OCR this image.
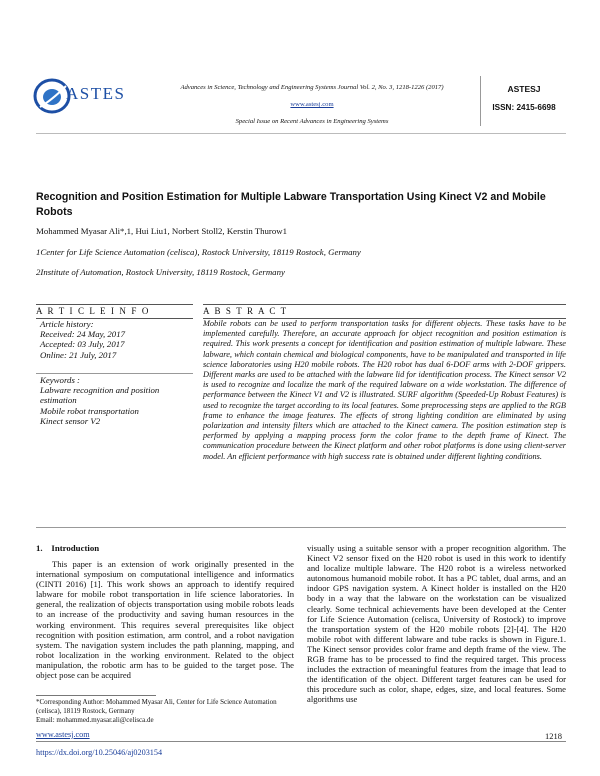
ASTES	Advances in Science, Technology and Engineering Systems Journal Vol. 2, No. 3, 1218-1226 (2017)
www.astesj.com
Special Issue on Recent Advances in Engineering Systems
ASTESJ
ISSN: 2415-6698
Recognition and Position Estimation for Multiple Labware Transportation Using Kinect V2 and Mobile Robots
Mohammed Myasar Ali*,1, Hui Liu1, Norbert Stoll2, Kerstin Thurow1
1Center for Life Science Automation (celisca), Rostock University, 18119 Rostock, Germany
2Institute of Automation, Rostock University, 18119 Rostock, Germany
A R T I C L E I N F O
Article history:
Received: 24 May, 2017
Accepted: 03 July, 2017
Online: 21 July, 2017
Keywords :
Labware recognition and position estimation
Mobile robot transportation
Kinect sensor V2
A B S T R A C T
Mobile robots can be used to perform transportation tasks for different objects. These tasks have to be implemented carefully. Therefore, an accurate approach for object recognition and position estimation is required. This work presents a concept for identification and position estimation of multiple labware. These labware, which contain chemical and biological components, have to be manipulated and transported in life science laboratories using H20 mobile robots. The H20 robot has dual 6-DOF arms with 2-DOF grippers. Different marks are used to be attached with the labware lid for identification process. The Kinect sensor V2 is used to recognize and localize the mark of the required labware on a wide workstation. The difference of performance between the Kinect V1 and V2 is illustrated. SURF algorithm (Speeded-Up Robust Features) is used to recognize the target according to its local features. Some preprocessing steps are applied to the RGB frame to enhance the image features. The effects of strong lighting condition are eliminated by using polarization and intensity filters which are attached to the Kinect camera. The position estimation step is performed by applying a mapping process form the color frame to the depth frame of Kinect. The communication procedure between the Kinect platform and other robot platforms is done using client-server model. An efficient performance with high success rate is obtained under different lighting conditions.
1.    Introduction
This paper is an extension of work originally presented in the international symposium on computational intelligence and informatics (CINTI 2016) [1]. This work shows an approach to identify required labware for mobile robot transportation in life science laboratories. In general, the realization of objects transportation using mobile robots leads to an increase of the productivity and saving human resources in the working environment. This requires several prerequisites like object recognition with position estimation, arm control, and a robot navigation system. The navigation system includes the path planning, mapping, and robot localization in the working environment. Related to the object manipulation, the robotic arm has to be guided to the target pose. The object pose can be acquired
visually using a suitable sensor with a proper recognition algorithm. The Kinect V2 sensor fixed on the H20 robot is used in this work to identify and localize multiple labware. The H20 robot is a wireless networked autonomous humanoid mobile robot. It has a PC tablet, dual arms, and an indoor GPS navigation system. A Kinect holder is installed on the H20 body in a way that the labware on the workstation can be visualized clearly. Some technical achievements have been developed at the Center for Life Science Automation (celisca, University of Rostock) to improve the transportation system of the H20 mobile robots [2]-[4]. The H20 mobile robot with different labware and tube racks is shown in Figure.1. The Kinect sensor provides color frame and depth frame of the view. The RGB frame has to be processed to find the required target. This process includes the extraction of meaningful features from the image that lead to the identification of the object. Different target features can be used for this procedure such as color, shape, edges, size, and local features. Some algorithms use
*Corresponding Author: Mohammed Myasar Ali, Center for Life Science Automation (celisca), 18119 Rostock, Germany
Email: mohammed.myasar.ali@celisca.de
www.astesj.com	1218
https://dx.doi.org/10.25046/aj0203154
